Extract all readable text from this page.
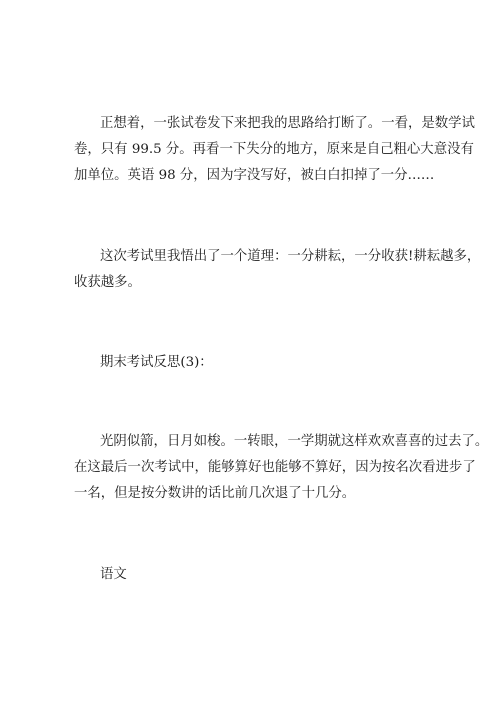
正想着，一张试卷发下来把我的思路给打断了。一看，是数学试
卷，只有 99.5 分。再看一下失分的地方，原来是自己粗心大意没有
加单位。英语 98 分，因为字没写好，被白白扣掉了一分……
这次考试里我悟出了一个道理：一分耕耘，一分收获!耕耘越多，
收获越多。
期末考试反思(3)：
光阴似箭，日月如梭。一转眼，一学期就这样欢欢喜喜的过去了。
在这最后一次考试中，能够算好也能够不算好，因为按名次看进步了
一名，但是按分数讲的话比前几次退了十几分。
语文
